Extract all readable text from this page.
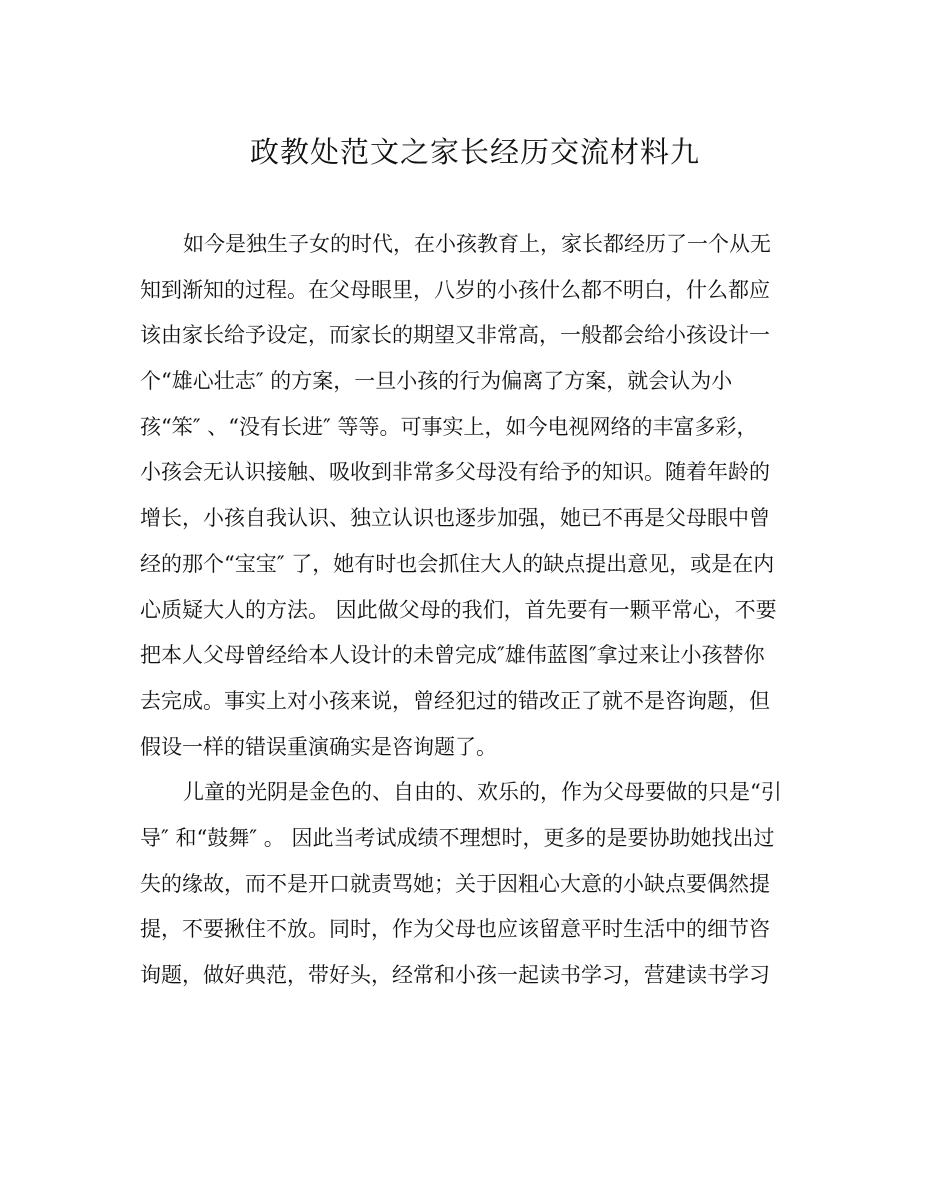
政教处范文之家长经历交流材料九
如今是独生子女的时代，在小孩教育上，家长都经历了一个从无
知到渐知的过程。在父母眼里，八岁的小孩什么都不明白，什么都应
该由家长给予设定，而家长的期望又非常高，一般都会给小孩设计一
个“雄心壮志″ 的方案，一旦小孩的行为偏离了方案，就会认为小
孩“笨″ 、“没有长进″ 等等。可事实上，如今电视网络的丰富多彩，
小孩会无认识接触、吸收到非常多父母没有给予的知识。随着年龄的
增长，小孩自我认识、独立认识也逐步加强，她已不再是父母眼中曾
经的那个“宝宝″ 了，她有时也会抓住大人的缺点提出意见，或是在内
心质疑大人的方法。 因此做父母的我们，首先要有一颗平常心，不要
把本人父母曾经给本人设计的未曾完成″雄伟蓝图″拿过来让小孩替你
去完成。事实上对小孩来说，曾经犯过的错改正了就不是咨询题，但
假设一样的错误重演确实是咨询题了。
儿童的光阴是金色的、自由的、欢乐的，作为父母要做的只是“引
导″ 和“鼓舞″ 。 因此当考试成绩不理想时，更多的是要协助她找出过
失的缘故，而不是开口就责骂她；关于因粗心大意的小缺点要偶然提
提，不要揪住不放。同时，作为父母也应该留意平时生活中的细节咨
询题，做好典范，带好头，经常和小孩一起读书学习，营建读书学习
